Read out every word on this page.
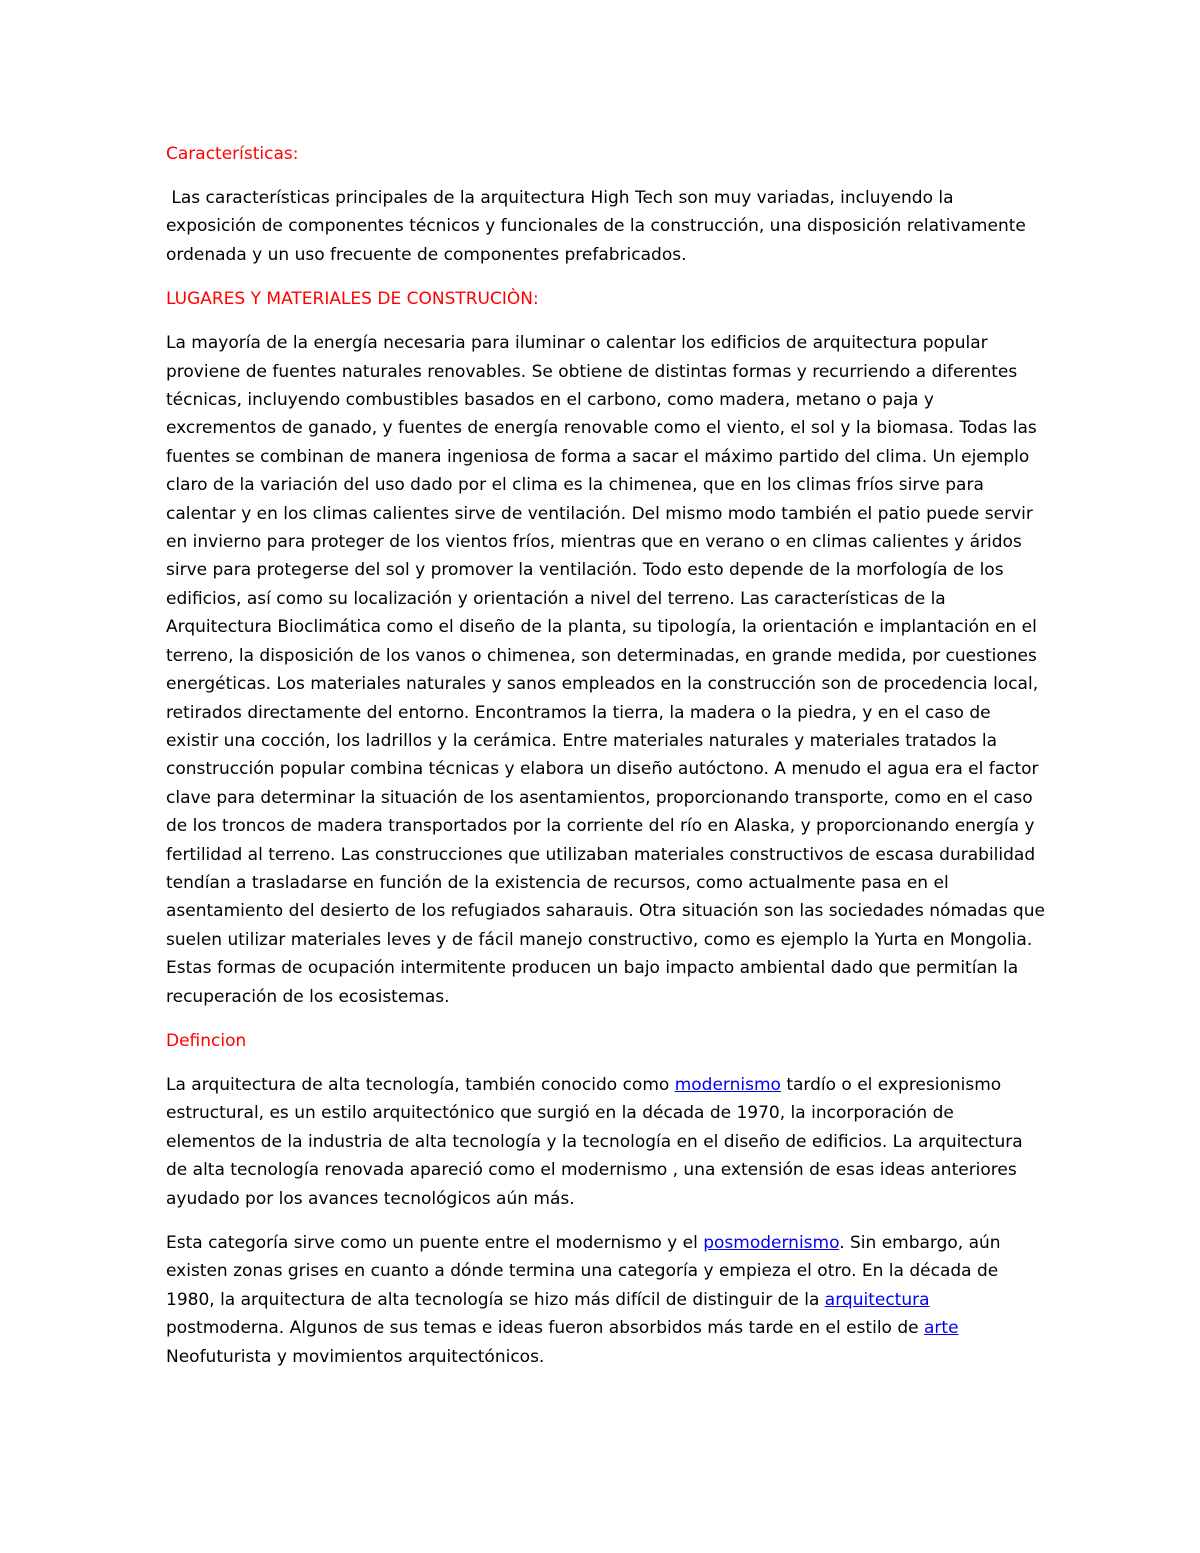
Características:

Las características principales de la arquitectura High Tech son muy variadas, incluyendo la exposición de componentes técnicos y funcionales de la construcción, una disposición relativamente ordenada y un uso frecuente de componentes prefabricados.

LUGARES Y MATERIALES DE CONSTRUCIÒN:

La mayoría de la energía necesaria para iluminar o calentar los edificios de arquitectura popular proviene de fuentes naturales renovables. Se obtiene de distintas formas y recurriendo a diferentes técnicas, incluyendo combustibles basados en el carbono, como madera, metano o paja y excrementos de ganado, y fuentes de energía renovable como el viento, el sol y la biomasa. Todas las fuentes se combinan de manera ingeniosa de forma a sacar el máximo partido del clima. Un ejemplo claro de la variación del uso dado por el clima es la chimenea, que en los climas fríos sirve para calentar y en los climas calientes sirve de ventilación. Del mismo modo también el patio puede servir en invierno para proteger de los vientos fríos, mientras que en verano o en climas calientes y áridos sirve para protegerse del sol y promover la ventilación. Todo esto depende de la morfología de los edificios, así como su localización y orientación a nivel del terreno. Las características de la Arquitectura Bioclimática como el diseño de la planta, su tipología, la orientación e implantación en el terreno, la disposición de los vanos o chimenea, son determinadas, en grande medida, por cuestiones energéticas. Los materiales naturales y sanos empleados en la construcción son de procedencia local, retirados directamente del entorno. Encontramos la tierra, la madera o la piedra, y en el caso de existir una cocción, los ladrillos y la cerámica. Entre materiales naturales y materiales tratados la construcción popular combina técnicas y elabora un diseño autóctono. A menudo el agua era el factor clave para determinar la situación de los asentamientos, proporcionando transporte, como en el caso de los troncos de madera transportados por la corriente del río en Alaska, y proporcionando energía y fertilidad al terreno. Las construcciones que utilizaban materiales constructivos de escasa durabilidad tendían a trasladarse en función de la existencia de recursos, como actualmente pasa en el asentamiento del desierto de los refugiados saharauis. Otra situación son las sociedades nómadas que suelen utilizar materiales leves y de fácil manejo constructivo, como es ejemplo la Yurta en Mongolia. Estas formas de ocupación intermitente producen un bajo impacto ambiental dado que permitían la recuperación de los ecosistemas.

Defincion

La arquitectura de alta tecnología, también conocido como modernismo tardío o el expresionismo estructural, es un estilo arquitectónico que surgió en la década de 1970, la incorporación de elementos de la industria de alta tecnología y la tecnología en el diseño de edificios. La arquitectura de alta tecnología renovada apareció como el modernismo , una extensión de esas ideas anteriores ayudado por los avances tecnológicos aún más.

Esta categoría sirve como un puente entre el modernismo y el posmodernismo. Sin embargo, aún existen zonas grises en cuanto a dónde termina una categoría y empieza el otro. En la década de 1980, la arquitectura de alta tecnología se hizo más difícil de distinguir de la arquitectura postmoderna. Algunos de sus temas e ideas fueron absorbidos más tarde en el estilo de arte Neofuturista y movimientos arquitectónicos.
